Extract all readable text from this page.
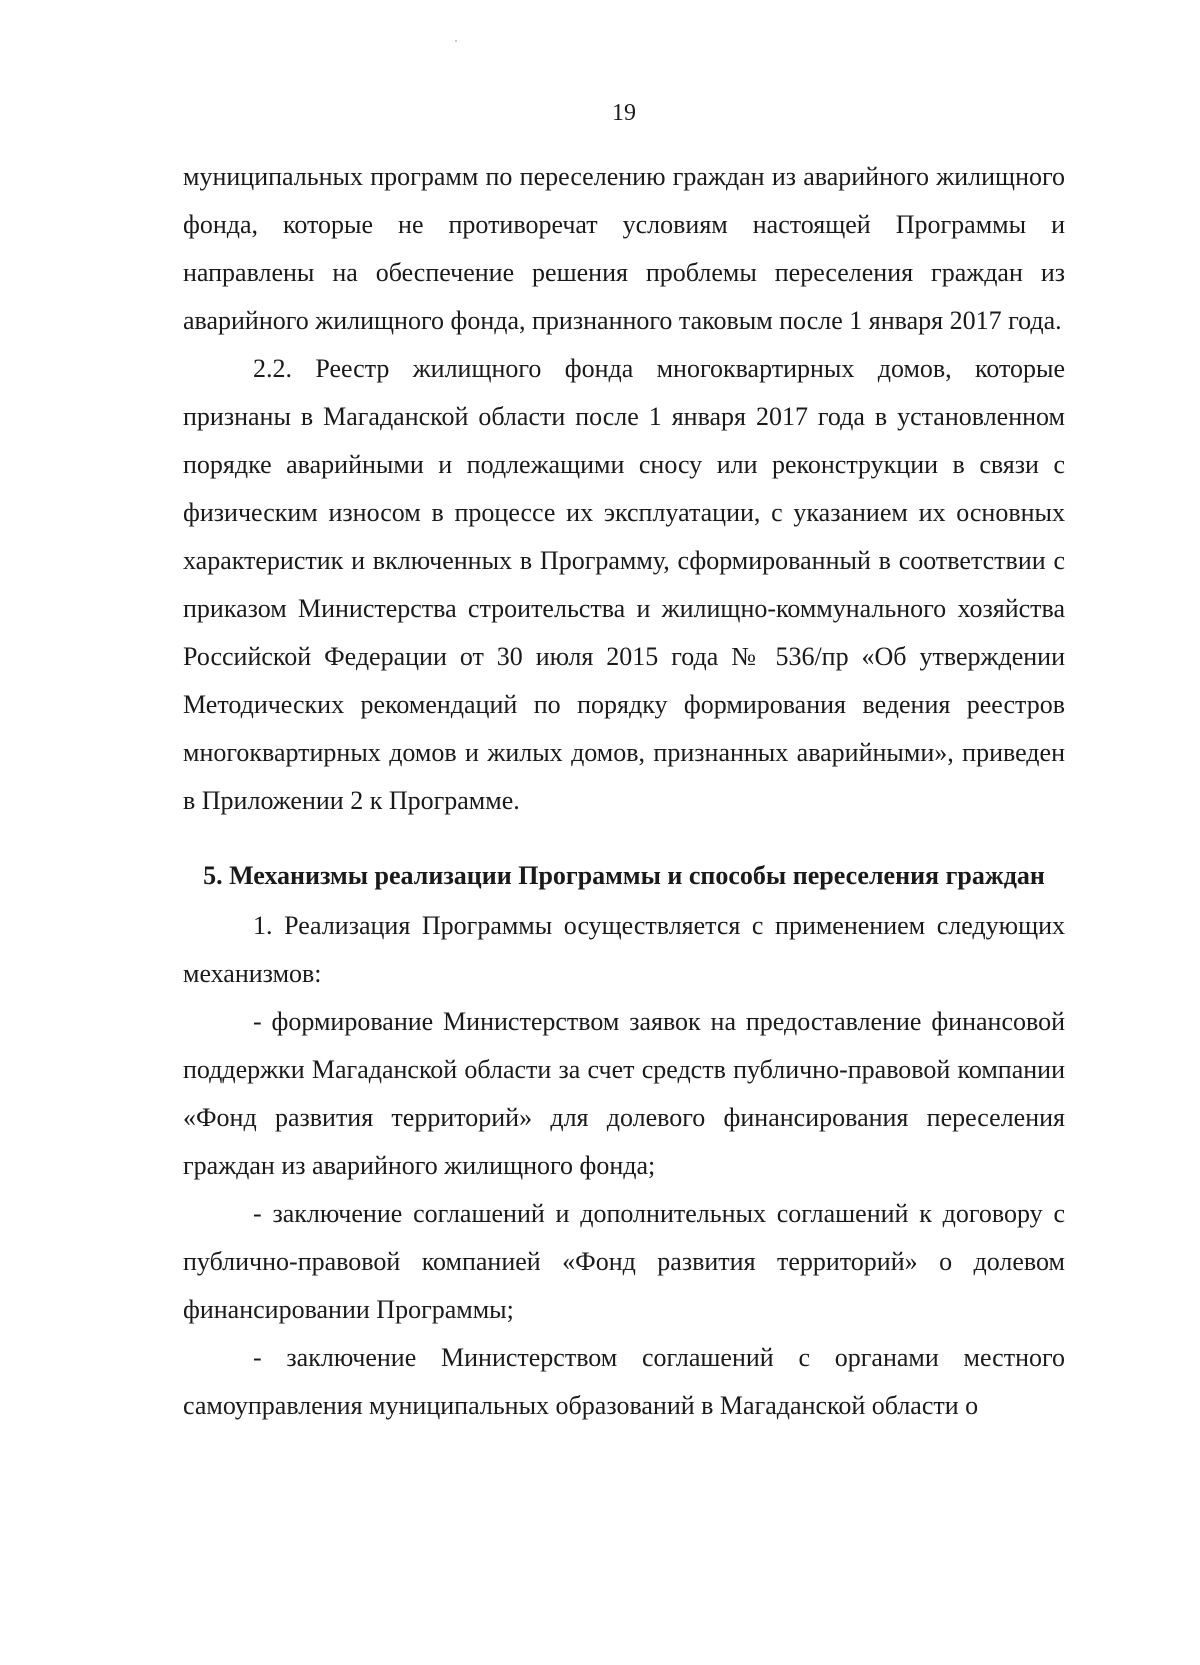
19

муниципальных программ по переселению граждан из аварийного жилищного фонда, которые не противоречат условиям настоящей Программы и направлены на обеспечение решения проблемы переселения граждан из аварийного жилищного фонда, признанного таковым после 1 января 2017 года.

2.2. Реестр жилищного фонда многоквартирных домов, которые признаны в Магаданской области после 1 января 2017 года в установленном порядке аварийными и подлежащими сносу или реконструкции в связи с физическим износом в процессе их эксплуатации, с указанием их основных характеристик и включенных в Программу, сформированный в соответствии с приказом Министерства строительства и жилищно-коммунального хозяйства Российской Федерации от 30 июля 2015 года № 536/пр «Об утверждении Методических рекомендаций по порядку формирования ведения реестров многоквартирных домов и жилых домов, признанных аварийными», приведен в Приложении 2 к Программе.

5. Механизмы реализации Программы и способы переселения граждан

1. Реализация Программы осуществляется с применением следующих механизмов:

- формирование Министерством заявок на предоставление финансовой поддержки Магаданской области за счет средств публично-правовой компании «Фонд развития территорий» для долевого финансирования переселения граждан из аварийного жилищного фонда;

- заключение соглашений и дополнительных соглашений к договору с публично-правовой компанией «Фонд развития территорий» о долевом финансировании Программы;

- заключение Министерством соглашений с органами местного самоуправления муниципальных образований в Магаданской области о
